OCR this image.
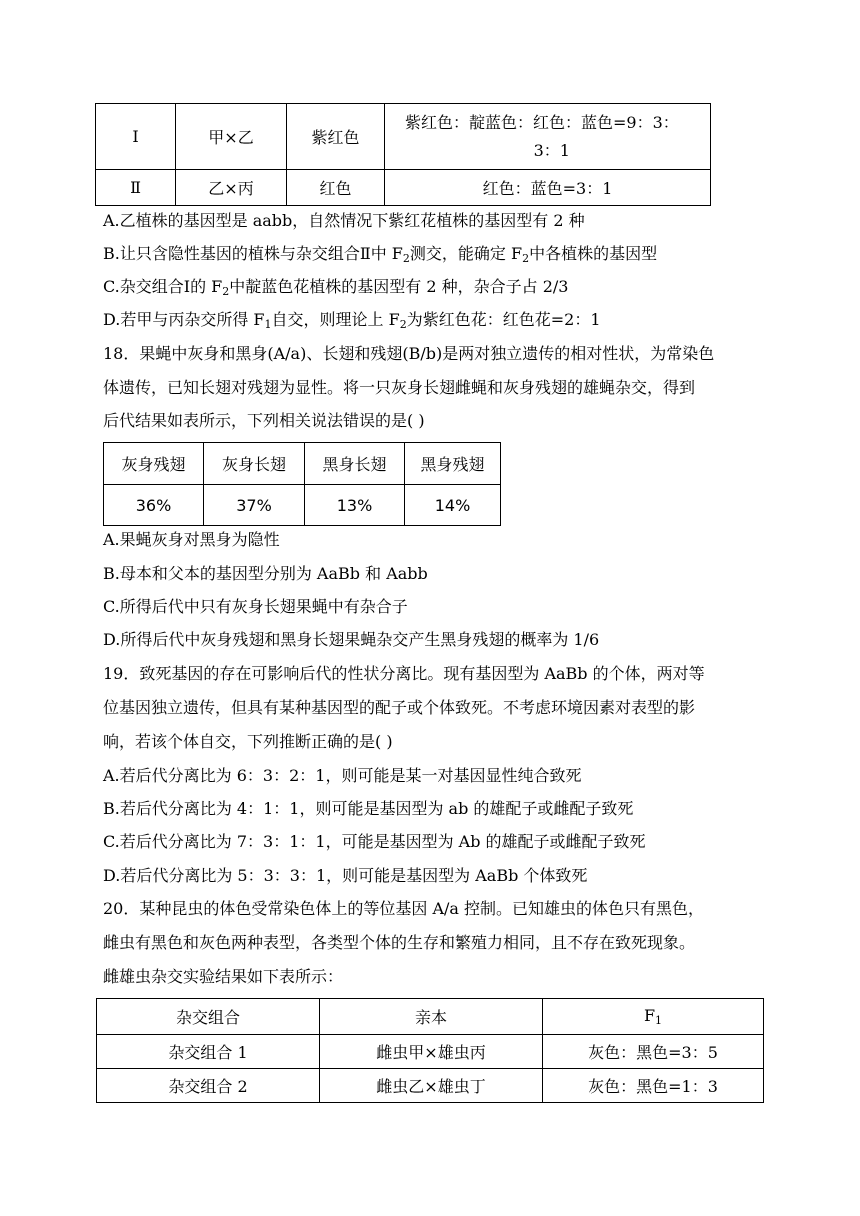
Ⅰ	甲×乙	紫红色	紫红色：靛蓝色：红色：蓝色=9：3：
3：1

Ⅱ	乙×丙	红色	红色：蓝色=3：1
A.乙植株的基因型是 aabb，自然情况下紫红花植株的基因型有 2 种
B.让只含隐性基因的植株与杂交组合Ⅱ中 $F_2$测交，能确定 $F_2$中各植株的基因型
C.杂交组合Ⅰ的 $F_2$中靛蓝色花植株的基因型有 2 种，杂合子占 2/3
D.若甲与丙杂交所得 $F_1$自交，则理论上 $F_2$为紫红色花：红色花=2：1
18．果蝇中灰身和黑身(A/a)、长翅和残翅(B/b)是两对独立遗传的相对性状，为常染色
体遗传，已知长翅对残翅为显性。将一只灰身长翅雌蝇和灰身残翅的雄蝇杂交，得到
后代结果如表所示，下列相关说法错误的是( )
灰身残翅	灰身长翅	黑身长翅	黑身残翅
36%	37%	13%	14%
A.果蝇灰身对黑身为隐性
B.母本和父本的基因型分别为 AaBb 和 Aabb
C.所得后代中只有灰身长翅果蝇中有杂合子
D.所得后代中灰身残翅和黑身长翅果蝇杂交产生黑身残翅的概率为 1/6
19．致死基因的存在可影响后代的性状分离比。现有基因型为 AaBb 的个体，两对等
位基因独立遗传，但具有某种基因型的配子或个体致死。不考虑环境因素对表型的影
响，若该个体自交，下列推断正确的是( )
A.若后代分离比为 6：3：2：1，则可能是某一对基因显性纯合致死
B.若后代分离比为 4：1：1，则可能是基因型为 ab 的雄配子或雌配子致死
C.若后代分离比为 7：3：1：1，可能是基因型为 Ab 的雄配子或雌配子致死
D.若后代分离比为 5：3：3：1，则可能是基因型为 AaBb 个体致死
20．某种昆虫的体色受常染色体上的等位基因 A/a 控制。已知雄虫的体色只有黑色，
雌虫有黑色和灰色两种表型，各类型个体的生存和繁殖力相同，且不存在致死现象。
雌雄虫杂交实验结果如下表所示：
杂交组合	亲本	$F_1$
杂交组合 1	雌虫甲×雄虫丙	灰色：黑色=3：5
杂交组合 2	雌虫乙×雄虫丁	灰色：黑色=1：3
